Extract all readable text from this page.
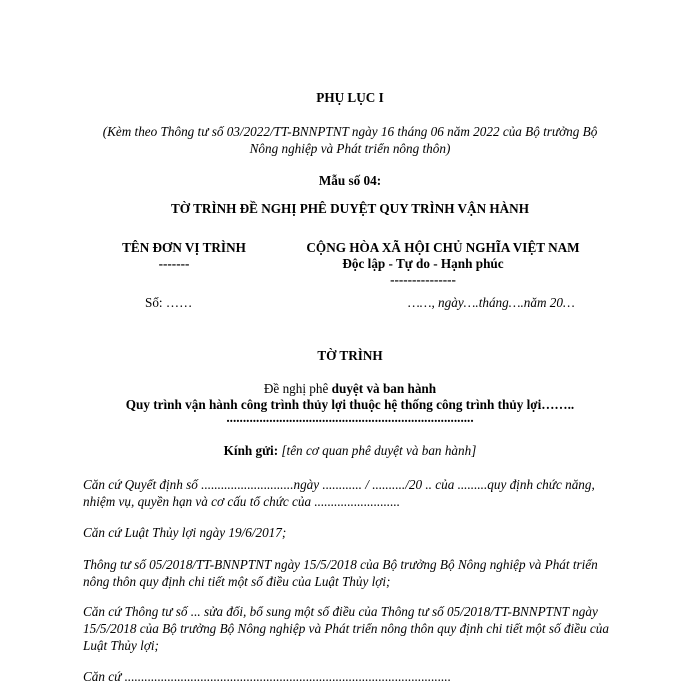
PHỤ LỤC I
(Kèm theo Thông tư số 03/2022/TT-BNNPTNT ngày 16 tháng 06 năm 2022 của Bộ trưởng Bộ
Nông nghiệp và Phát triển nông thôn)
Mẫu số 04:
TỜ TRÌNH ĐỀ NGHỊ PHÊ DUYỆT QUY TRÌNH VẬN HÀNH
TÊN ĐƠN VỊ TRÌNH
-------
CỘNG HÒA XÃ HỘI CHỦ NGHĨA VIỆT NAM
Độc lập - Tự do - Hạnh phúc
---------------
Số: ……	……, ngày….tháng….năm 20…
TỜ TRÌNH
Đề nghị phê duyệt và ban hành
Quy trình vận hành công trình thủy lợi thuộc hệ thống công trình thủy lợi……..
...........................................................................
Kính gửi: [tên cơ quan phê duyệt và ban hành]
Căn cứ Quyết định số ............................ngày ............ / ........../20 .. của .........quy định chức năng, nhiệm vụ, quyền hạn và cơ cấu tổ chức của ..........................
Căn cứ Luật Thủy lợi ngày 19/6/2017;
Thông tư số 05/2018/TT-BNNPTNT ngày 15/5/2018 của Bộ trưởng Bộ Nông nghiệp và Phát triển nông thôn quy định chi tiết một số điều của Luật Thủy lợi;
Căn cứ Thông tư số ... sửa đổi, bổ sung một số điều của Thông tư số 05/2018/TT-BNNPTNT ngày 15/5/2018 của Bộ trưởng Bộ Nông nghiệp và Phát triển nông thôn quy định chi tiết một số điều của Luật Thủy lợi;
Căn cứ ...................................................................................................
